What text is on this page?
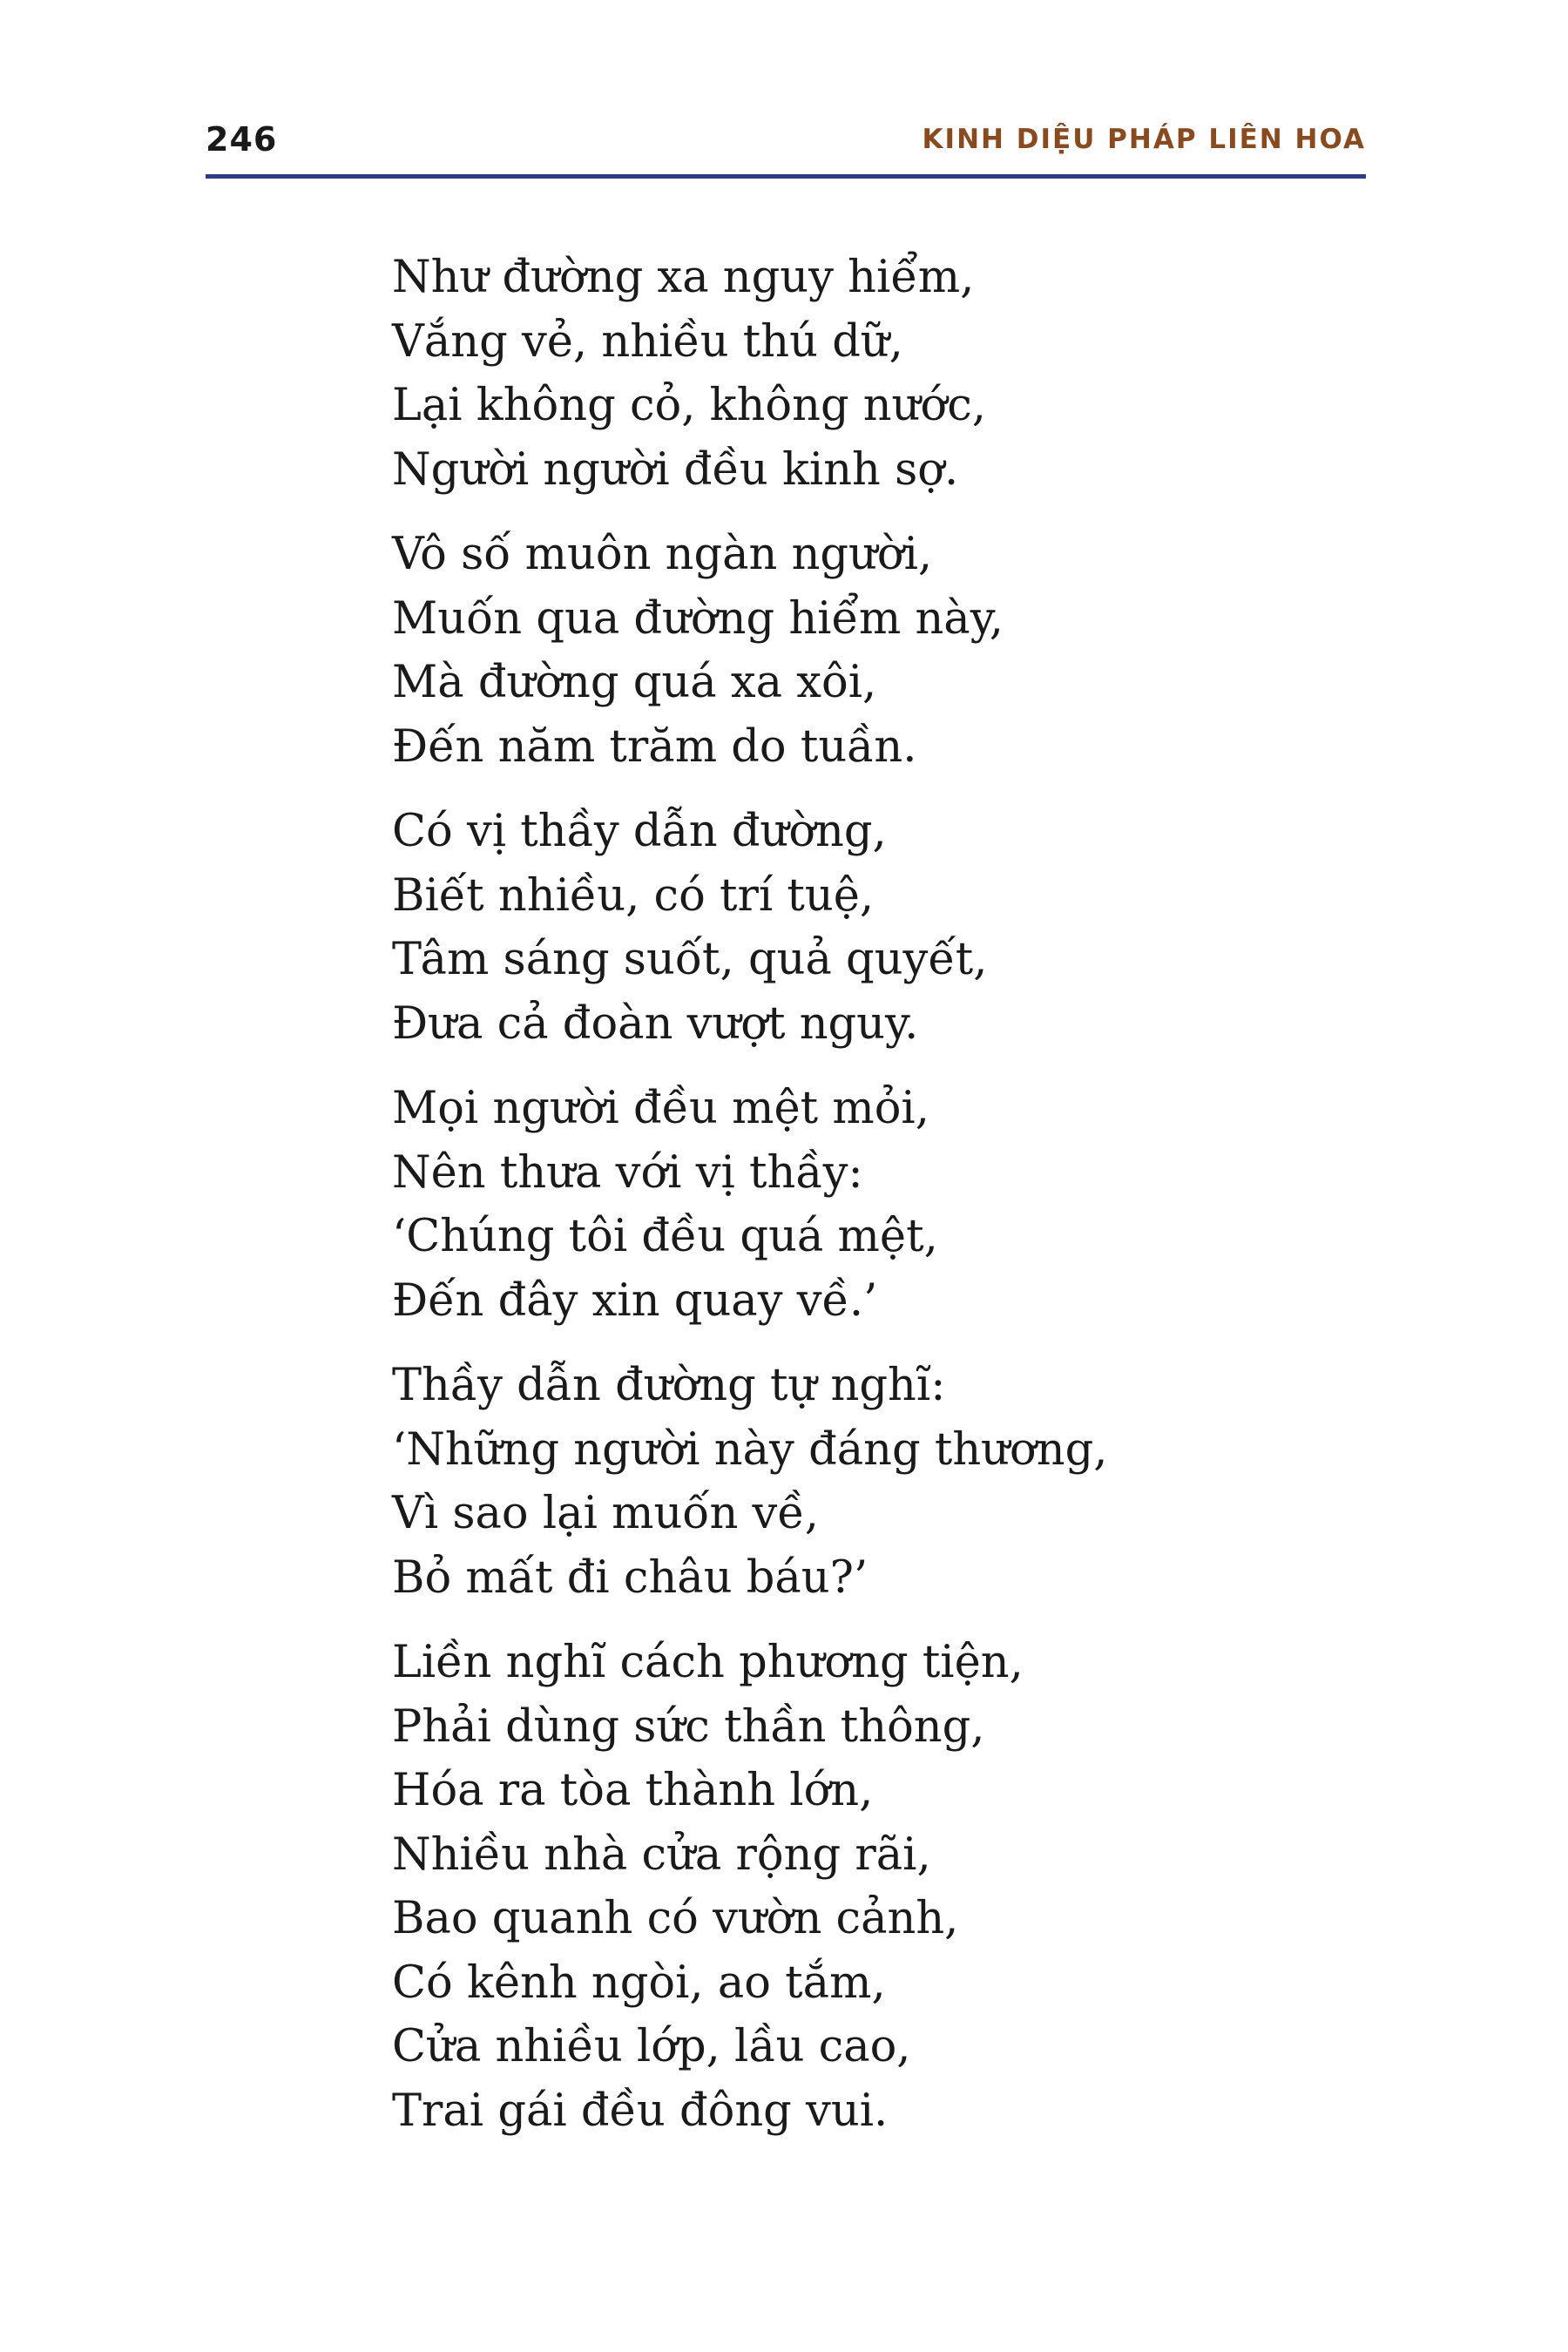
246	KINH DIỆU PHÁP LIÊN HOA
Như đường xa nguy hiểm,
Vắng vẻ, nhiều thú dữ,
Lại không cỏ, không nước,
Người người đều kinh sợ.
Vô số muôn ngàn người,
Muốn qua đường hiểm này,
Mà đường quá xa xôi,
Đến năm trăm do tuần.
Có vị thầy dẫn đường,
Biết nhiều, có trí tuệ,
Tâm sáng suốt, quả quyết,
Đưa cả đoàn vượt nguy.
Mọi người đều mệt mỏi,
Nên thưa với vị thầy:
‘Chúng tôi đều quá mệt,
Đến đây xin quay về.’
Thầy dẫn đường tự nghĩ:
‘Những người này đáng thương,
Vì sao lại muốn về,
Bỏ mất đi châu báu?’
Liền nghĩ cách phương tiện,
Phải dùng sức thần thông,
Hóa ra tòa thành lớn,
Nhiều nhà cửa rộng rãi,
Bao quanh có vườn cảnh,
Có kênh ngòi, ao tắm,
Cửa nhiều lớp, lầu cao,
Trai gái đều đông vui.
